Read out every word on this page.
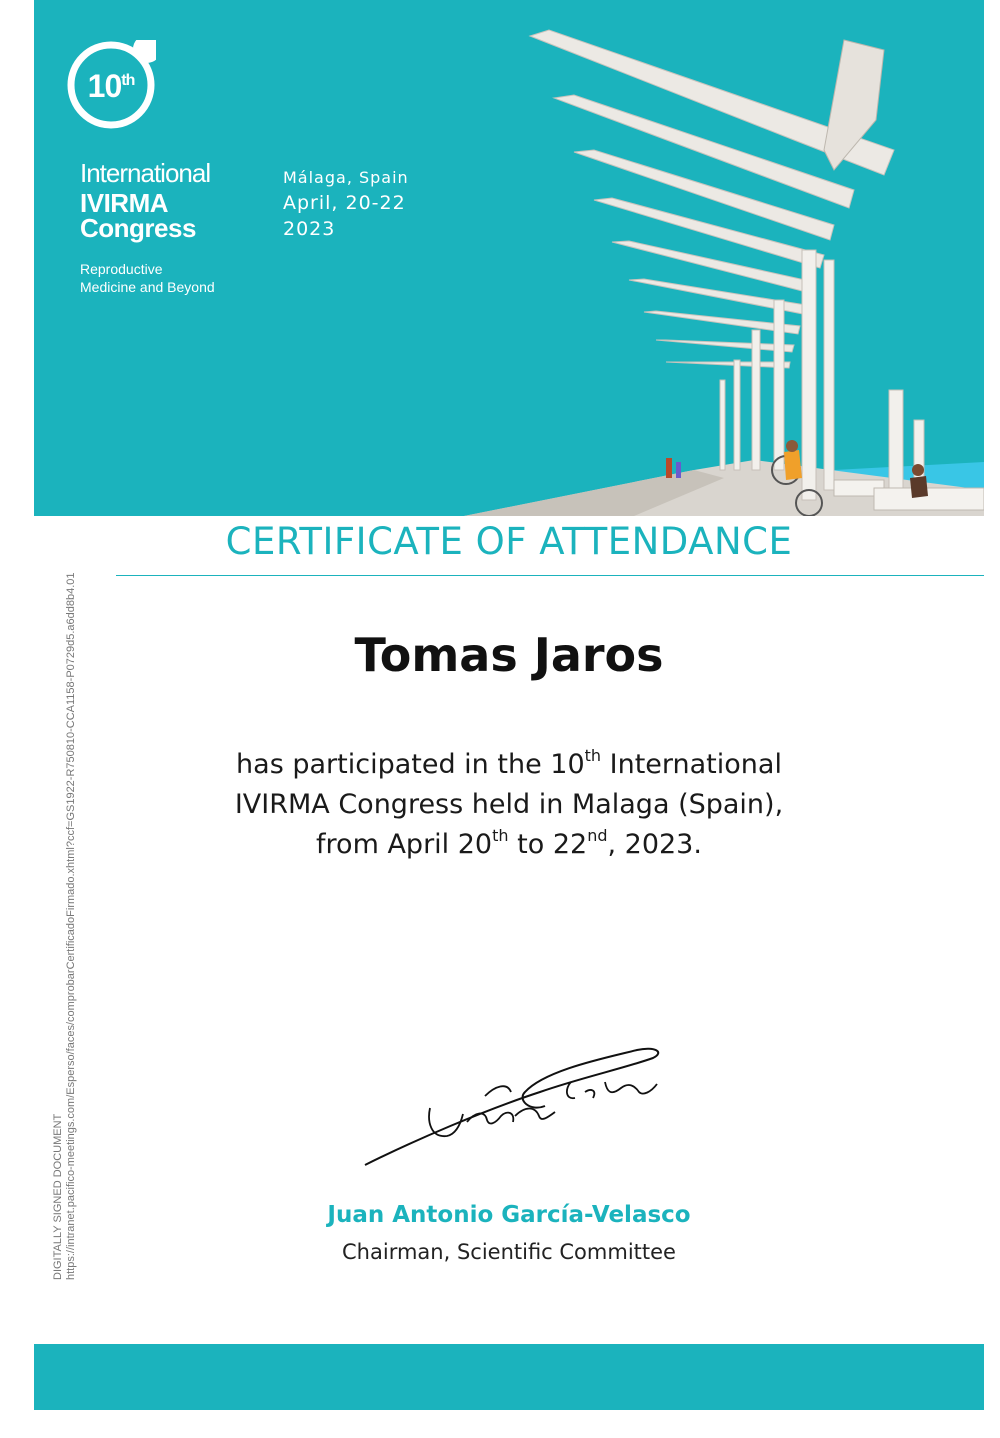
10th
International
IVIRMA
Congress
Reproductive
Medicine and Beyond
Málaga, Spain
April, 20-22
2023
CERTIFICATE OF ATTENDANCE
Tomas Jaros
has participated in the 10th International
IVIRMA Congress held in Malaga (Spain),
from April 20th to 22nd, 2023.
Juan Antonio García-Velasco
Chairman, Scientific Committee
DIGITALLY SIGNED DOCUMENT https://intranet.pacifico-meetings.com/Esperso/faces/comprobarCertificadoFirmado.xhtml?ccf=GS1922-R750810-CCA1158-P0729d5.a6dd8b4.01
